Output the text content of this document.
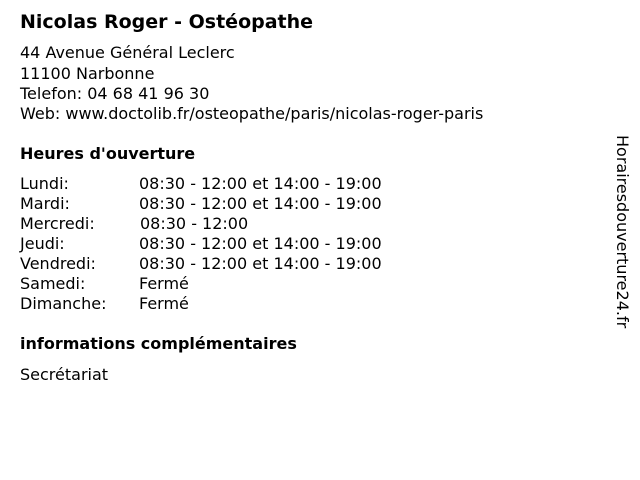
Nicolas Roger - Ostéopathe
44 Avenue Général Leclerc
11100 Narbonne
Telefon: 04 68 41 96 30
Web: www.doctolib.fr/osteopathe/paris/nicolas-roger-paris
Heures d'ouverture
Lundi:	08:30 - 12:00 et 14:00 - 19:00
Mardi:	08:30 - 12:00 et 14:00 - 19:00
Mercredi:	08:30 - 12:00
Jeudi:	08:30 - 12:00 et 14:00 - 19:00
Vendredi:	08:30 - 12:00 et 14:00 - 19:00
Samedi:	Fermé
Dimanche: Fermé
informations complémentaires
Secrétariat
Horairesdouverture24.fr
